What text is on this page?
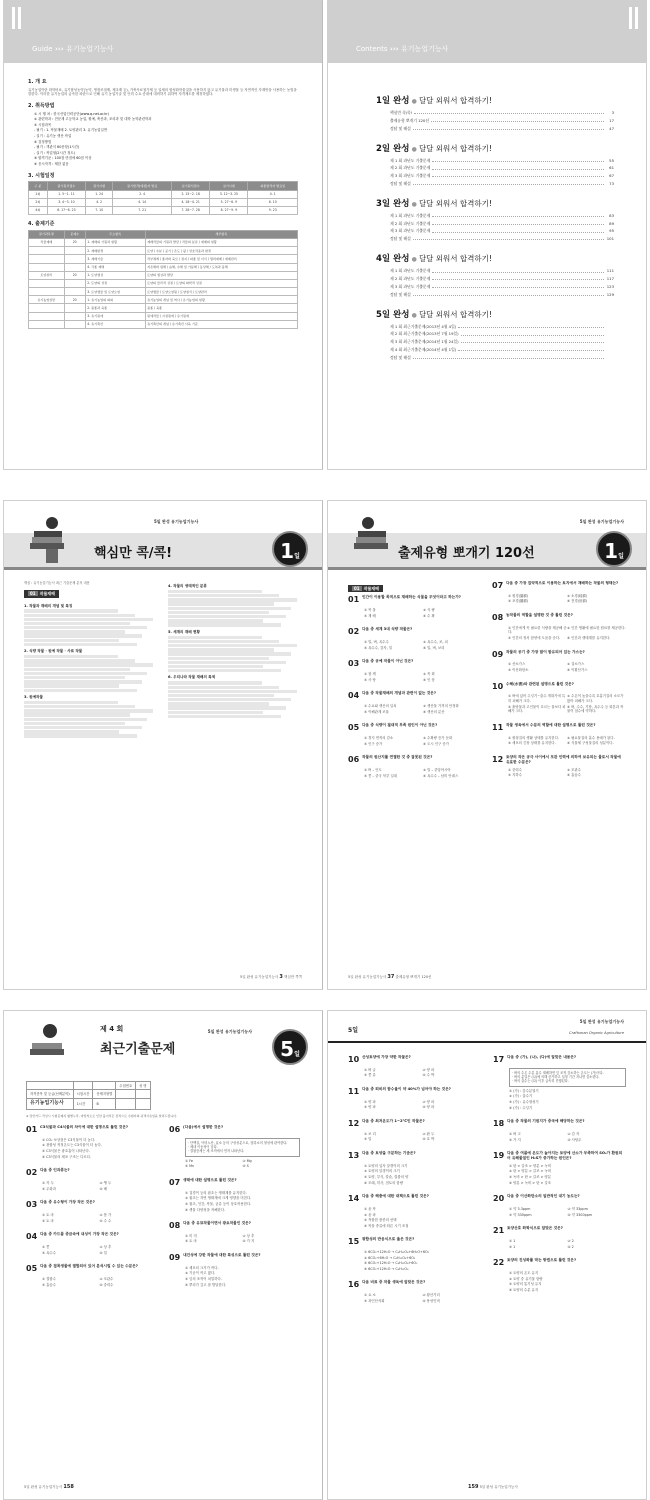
Guide ››› 유기농업기능사
1. 개 요
유기농업이란 화학비료, 유기합성농약(농약, 생장조절제, 제초제 등), 가축사료첨가제 등 일체의 합성화학물질을 사용하지 않고 유기물과 미생물 등 자연적인 자재만을 사용하는 농법을 말한다. 이러한 유기농업의 급속한 파란으로 인해 유기 농업기술 및 인력 수요 증대에 대비하기 위하여 자격제도를 제정하였다.
2. 취득방법
① 시 행 처 : 한국산업인력공단(www.q-net.or.kr)
② 관련학과 : 전문계 고등학교 농업, 원예, 축산과, 조리과 및 대학 농학관련학과
③ 시험과목
- 필기 : 1. 작물재배 2. 토양관리 3. 유기농업일반
- 실기 : 유기농 생산 작업
④ 검정방법
- 필기 : 객관식 60문항(1시간)
- 실기 : 작업형(2시간 정도)
⑤ 합격기준 : 100점 만점에 60점 이상
⑥ 응시자격 : 제한 없음
3. 시험일정
구 분	필기원서접수	필기시험	필기합격(예정)자 발표	실기원서접수	실기시험	최종합격자 발표일
1회	1. 5~1. 11	1. 24	2. 4	2. 15~2. 18	3. 12~3. 25	4. 1
2회	3. 4~3. 10	4. 2	4. 14	4. 18~4. 21	5. 27~6. 9	6. 10
4회	6. 17~6. 23	7. 10	7. 21	7. 28~7. 28	8. 27~9. 9	9. 23
4. 출제기준
필기과목명	문제수	주요항목	세부항목
작물재배	20	1. 재배의 기원과 현황	재배작물의 기원과 발달 / 작물의 분류 / 재배의 현황
		2. 재배환경	토양 / 수분 / 공기 / 온도 / 광 / 상호작용과 환경
		3. 재배기술	작부체계 / 종자와 육묘 / 정지 / 파종 및 이식 / 생력재배 / 재배관리
		4. 각종 재해	저온해와 냉해 / 습해, 수해 및 가뭄해 / 동상해 / 도복과 풍해
토양관리	20	1. 토양생성	토양의 생성과 발달
		2. 토양의 성질	토양의 물리적 성질 / 토양의 화학적 성질
		3. 토양생물 및 토양오염	토양생물 / 토양오염원 / 토양침식 / 토양관리
유기농업일반	20	1. 유기농업의 의의	유기농업의 개념 및 역사 / 유기농업의 현황
		2. 품종과 육종	품종 / 육종
		3. 유기원예	원예작물 / 시설원예 / 유기원예
		4. 유기축산	유기축산의 개념 / 유기축산 사육 기준
Contents ››› 유기농업기능사
1일 완성 ● 달달 외워서 합격하기!
핵심만 콕/콕!	3
출제유형 뽀개기 120선	17
정답 및 해설	47
2일 완성 ● 달달 외워서 합격하기!
제 1 회 과년도 기출문제	55
제 2 회 과년도 기출문제	61
제 3 회 과년도 기출문제	67
정답 및 해설	73
3일 완성 ● 달달 외워서 합격하기!
제 1 회 과년도 기출문제	83
제 2 회 과년도 기출문제	89
제 3 회 과년도 기출문제	95
정답 및 해설	101
4일 완성 ● 달달 외워서 합격하기!
제 1 회 과년도 기출문제	111
제 2 회 과년도 기출문제	117
제 3 회 과년도 기출문제	123
정답 및 해설	129
5일 완성 ● 달달 외워서 합격하기!
제 1 회 최근기출문제(2013년 4월 4일)
제 2 회 최근기출문제(2013년 7월 19일)
제 3 회 최근기출문제(2014년 1월 24일)
제 4 회 최근기출문제(2014년 4월 1일)
정답 및 해설
5일 완성 유기농업기능사
핵심만 콕/콕!	1일
핵심 : 유기농업기능사 최근 기출문제 분석 내용
01 작물재배
1. 작물과 재배의 개념 및 특징
2. 식량 작물 · 원예 작물 · 사료 작물
3. 원예작물
4. 작물의 생태적인 분류
5. 세계의 재배 현황
6. 우리나라 작물 재배의 특색
5일 완성 유기농업기능사 3 핵심만 콕콕
5일 완성 유기농업기능사
출제유형 뽀개기 120선	1일
01 작물재배
01 인간이 이용할 목적으로 재배하는 식물을 무엇이라고 하는가?
① 작 물	② 식 량
③ 재 배	④ 수 확
02 다음 중 세계 3대 식량 작물은?
① 밀, 벼, 옥수수	② 옥수수, 조, 피
③ 옥수수, 감자, 밀	④ 밀, 벼, 보리
03 다음 중 공예 작물이 아닌 것은?
① 참 깨	② 목 화
③ 사 탕	④ 인 삼
04 다음 중 작물재배의 개념과 관련이 없는 것은?
① 수요와 생산의 일치	② 생산물 가격의 안정화
③ 이해관계 조율	④ 생산의 분산
05 다음 중 식량이 절대적 부족 원인이 아닌 것은?
① 경지 면적의 감소	② 수확량 증가 둔화
③ 인구 증가	④ 도시 인구 증가
06 작물의 원산지를 연결한 것 중 잘못된 것은?
① 벼 – 인도	② 밀 – 중앙아시아
③ 콩 – 중국 북부 일대	④ 옥수수 – 남미 안데스
07 다음 중 가장 집약적으로 이용하는 토지에서 재배하는 작물의 형태는?
① 원경(園耕)	② 소경(疏耕)
③ 포경(圃耕)	④ 전경(田耕)
08 농작물의 역할을 설명한 것 중 틀린 것은?
① 인간에게 꼭 필요한 식량을 제공해 준다.
② 인간 생활에 필요한 원료를 제공한다.
③ 인간의 정서 함양에 도움을 준다.	④ 인간과 생태계를 유지한다.
09 작물의 공기 중 가장 많이 함유되어 있는 가스는?
① 산소가스	② 질소가스
③ 이산화탄소	④ 이황산가스
10 수해(水害)와 관련된 설명으로 틀린 것은?
① 벼에 있어 수잉기~출수 개화기에 특히 피해가 크다.
② 수온이 높을수록 호흡기질의 소모가 많아 피해가 크다.
③ 흙탕물과 고인물이 흐르는 물보다 피해가 크다.
④ 벼, 수수, 기장, 옥수수 등 화본과 작물이 침수에 약하다.
11 작물 생육에서 수분의 역할에 대한 설명으로 틀린 것은?
① 원형질의 생활 상태를 유지한다.	② 필요물질의 흡수 용매가 된다.
③ 세포의 긴장 상태를 유지한다.	④ 식물체 구성물질의 성분이다.
12 토양의 작은 공극 사이에서 모관 인력에 의하여 보유되는 물로서 작물에 유효한 수분은?
① 중력수	② 모관수
③ 지하수	④ 흡습수
5일 완성 유기농업기능사 37 출제유형 뽀개기 120선
5일 완성 유기농업기능사
제 4 회
최근기출문제	5일
			수험번호	성 명
자격종목 및 등급(선택분야)	시험시간	문제지형별		
유기농업기능사	1시간	B		
※ 답안카드 작성시 시험문제지 형별누락, 마킹착오로 인한 불이익은 전적으로 수험자의 귀책사유임을 알려드립니다.
01 C3식물과 C4식물의 차이에 대한 설명으로 틀린 것은?
① CO₂ 보상점은 C3식물이 더 높다.
② 광합성 적정온도는 C3식물이 더 높다.
③ C3식물은 광호흡이 나타난다.
④ C3식물의 세포 구조는 다르다.
02 다음 중 인과류는?
① 자 두	② 앵 두
③ 무화과	④ 배
03 다음 중 유수형이 가장 작은 것은?
① 토 마	② 봄 가
③ 토 마	④ 수 수
04 다음 중 카드뮴 중금속에 내성이 가장 작은 것은?
① 콩	② 상 추
③ 옥수수	④ 밀
05 다음 중 접목생물에 결합되어 있어 분석시킬 수 있는 수분은?
① 결합수	② 모관수
③ 흡습수	④ 중력수
06 (다음)에서 설명한 것은?
· 단백질, 아미노산, 효소 등의 구성성분으로, 엽록소의 형성에 관여한다.
· 체내 이동성이 낮다.
· 결핍증세는 새 조직에서 먼저 나타난다.
① Fe	② Mg
③ Mn	④ S
07 생태에 대한 설명으로 틀린 것은?
① 질경이 등의 잡초는 생태계를 유지한다.
② 잡초는 자연 생태계에 크게 영향을 미친다.
③ 잡초, 인간, 작물, 균류 등이 상호작용한다.
④ 생물 다양성을 저해한다.
08 다음 중 유묘작물이면서 광요작물인 것은?
① 미 미	② 상 추
③ 토 마	④ 가 지
09 내건성에 강한 작물에 대한 특성으로 틀린 것은?
① 세포의 크기가 작다.
② 기공이 작고 많다.
③ 잎의 조직이 치밀하다.
④ 뿌리가 깊고 잘 발달한다.
5일 완성 유기농업기능사 158
5일
5일 완성 유기농업기능사
Craftsman Organic Agriculture
10 산성토양에 가장 약한 작물은?
① 벼 클	② 양 파
③ 콩 류	④ 수 박
11 다음 중 퇴비의 함수율이 약 40%가 넘어야 하는 것은?
① 양 파	② 양 파
③ 양 파	④ 양 파
12 다음 중 최저온도가 1~2℃인 작물은?
① 보 리	② 완 두
③ 밀	④ 호 박
13 다음 중 토양을 구분하는 기준은?
① 토양의 입자 알갱이의 크기
② 토양의 알갱이의 크기
③ 토양, 부식, 칼슘, 칼륨의 양
④ 모래, 미사, 점토의 함량
14 다음 중 해충에 대한 대책으로 틀린 것은?
① 윤 작
② 윤 파
③ 적합한 품종의 선택
④ 작물 종류에 따른 시기 조절
15 광합성의 반응식으로 옳은 것은?
① 6CO₂+12H₂O → C₆H₁₂O₆+6H₂O+6O₂
② 6CO₂+6H₂O → C₆H₁₂O₆+6O₂
③ 6CO₂+12H₂O → C₆H₁₂O₆+6O₂
④ 6CO₂+12H₂O → C₆H₁₂O₆
16 다음 비료 중 작물 생육에 알맞은 것은?
① 요 소	② 황산가리
③ 과인산석회	④ 용성인비
17 다음 중 (가), (나), (다)에 알맞은 내용은?
· 벼의 수온 수분 흡수 재배하면 잎 조직 감소하는 온도는 (가)이다.
· 벼의 분얼은 (나)에 의해 증가하고 일정 기간 지나면 감소한다.
· 벼의 출수는 (다) 이후 급속히 진행된다.
① (가) : 감수분열기
② (가) : 출수기
③ (가) : 유수형성기
④ (가) : 수잉기
18 다음 중 작물의 기원지가 중국에 해당하는 것은?
① 벼 고	② 감 자
③ 가 지	④ 사탕무
19 다음 중 여름에 온도가 높아지는 토양에 산소가 부족하여 SO₄가 환원되어 유해물질인 H₂S가 증가하는 원인은?
① 탄 > 갈조 > 양분 > 녹비
② 탄 > 양분 > 갈조 > 녹비
③ 녹비 > 탄 > 갈조 > 양분
④ 양분 > 녹비 > 탄 > 갈조
20 다음 중 이산화탄소의 일반적인 대기 농도는?
① 약 3.3ppm	② 약 33ppm
③ 약 330ppm	④ 약 3300ppm
21 토양산호 화학식으로 알맞은 것은?
① 1	② 2
③ 1	④ 2
22 토양의 진성화를 막는 방법으로 틀린 것은?
① 토양의 온도 유지
② 토양 중 유기물 함량
③ 토양의 통기성 유지
④ 토양의 수분 유지
159 5일 완성 유기농업기능사
